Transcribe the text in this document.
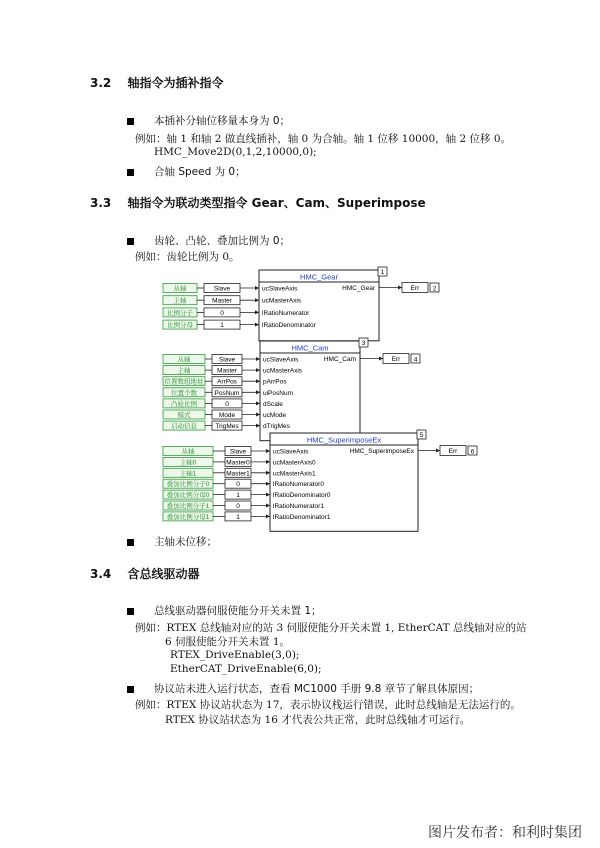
3.2 轴指令为插补指令
本插补分轴位移量本身为 0；
例如：轴 1 和轴 2 做直线插补，轴 0 为合轴。轴 1 位移 10000，轴 2 位移 0。
HMC_Move2D(0,1,2,10000,0);
合轴 Speed 为 0；
3.3 轴指令为联动类型指令 Gear、Cam、Superimpose
齿轮、凸轮、叠加比例为 0；
例如：齿轮比例为 0。
HMC_Gear	1
HMC_Gear	Err 2
从轴	Slave	ucSlaveAxis
主轴	Master	ucMasterAxis
比例分子	0	lRatioNumerator
比例分母	1	lRatioDenominator
HMC_Cam	3
HMC_Cam	Err 4
从轴	Slave	ucSlaveAxis
主轴	Master	ucMasterAxis
位置数组地址 ArrPos	pArrPos
位置个数	PosNum	uiPosNum
凸轮比例	0	dScale
模式	Mode	ucMode
启动信息	TrigMes	dTrigMes
HMC_SuperimposeEx	5
HMC_SuperimposeEx	Err 6
从轴	Slave	ucSlaveAxis
主轴0	Master0	ucMasterAxis0
主轴1	Master1	ucMasterAxis1
叠加比例分子0	0	lRatioNumerator0
叠加比例分母0	1	lRatioDenominator0
叠加比例分子1	0	lRatioNumerator1
叠加比例分母1	1	lRatioDenominator1
主轴未位移；
3.4 含总线驱动器
总线驱动器伺服使能分开关未置 1；
例如：RTEX 总线轴对应的站 3 伺服使能分开关未置 1, EtherCAT 总线轴对应的站
6 伺服使能分开关未置 1。
RTEX_DriveEnable(3,0);
EtherCAT_DriveEnable(6,0);
协议站未进入运行状态，查看 MC1000 手册 9.8 章节了解具体原因；
例如：RTEX 协议站状态为 17，表示协议栈运行错误，此时总线轴是无法运行的。
RTEX 协议站状态为 16 才代表公共正常，此时总线轴才可运行。
图片发布者：和利时集团
